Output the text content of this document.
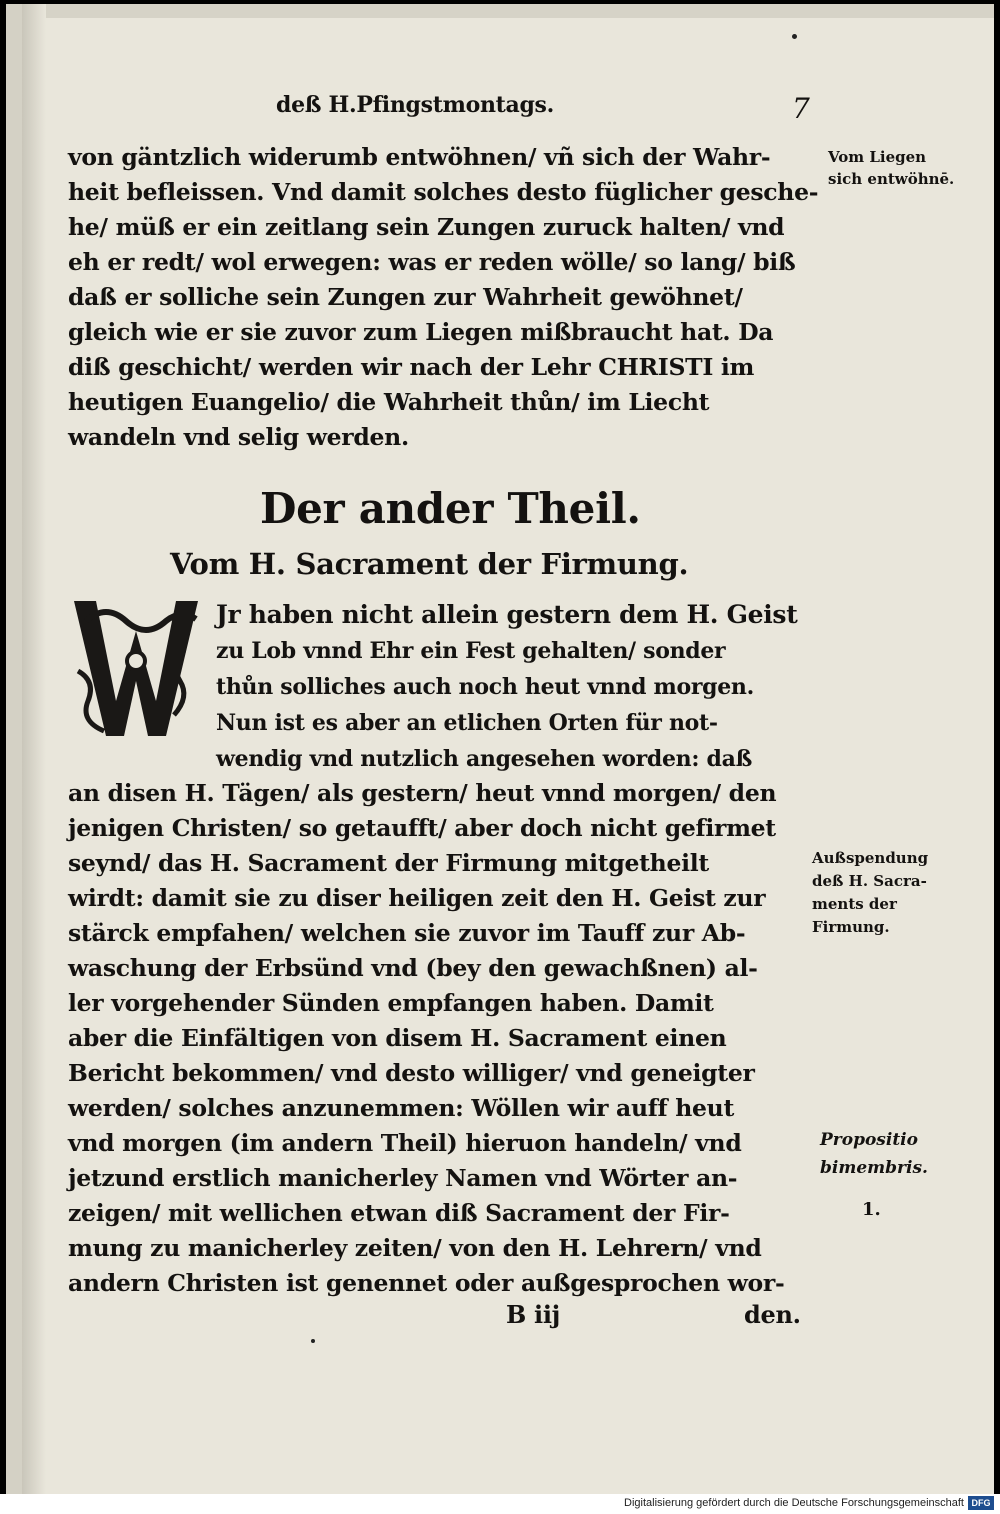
deß H.Pfingstmontags.	7
von gäntzlich widerumb entwöhnen/ vñ sich der Wahr-
heit befleissen. Vnd damit solches desto füglicher gesche-
he/ müß er ein zeitlang sein Zungen zuruck halten/ vnd
eh er redt/ wol erwegen: was er reden wölle/ so lang/ biß
daß er solliche sein Zungen zur Wahrheit gewöhnet/
gleich wie er sie zuvor zum Liegen mißbraucht hat. Da
diß geschicht/ werden wir nach der Lehr CHRISTI im
heutigen Euangelio/ die Wahrheit thůn/ im Liecht
wandeln vnd selig werden.
Der ander Theil.
Vom H. Sacrament der Firmung.
Jr haben nicht allein gestern dem H. Geist
zu Lob vnnd Ehr ein Fest gehalten/ sonder
thůn solliches auch noch heut vnnd morgen.
Nun ist es aber an etlichen Orten für not-
wendig vnd nutzlich angesehen worden: daß
an disen H. Tägen/ als gestern/ heut vnnd morgen/ den
jenigen Christen/ so getaufft/ aber doch nicht gefirmet
seynd/ das H. Sacrament der Firmung mitgetheilt
wirdt: damit sie zu diser heiligen zeit den H. Geist zur
stärck empfahen/ welchen sie zuvor im Tauff zur Ab-
waschung der Erbsünd vnd (bey den gewachßnen) al-
ler vorgehender Sünden empfangen haben. Damit
aber die Einfältigen von disem H. Sacrament einen
Bericht bekommen/ vnd desto williger/ vnd geneigter
werden/ solches anzunemmen: Wöllen wir auff heut
vnd morgen (im andern Theil) hieruon handeln/ vnd
jetzund erstlich manicherley Namen vnd Wörter an-
zeigen/ mit wellichen etwan diß Sacrament der Fir-
mung zu manicherley zeiten/ von den H. Lehrern/ vnd
andern Christen ist genennet oder außgesprochen wor-
B iij	den.
Vom Liegen
sich entwöhnē.
Außspendung
deß H. Sacra-
ments der
Firmung.
Propositio
bimembris.
1.
Digitalisierung gefördert durch die Deutsche Forschungsgemeinschaft DFG
